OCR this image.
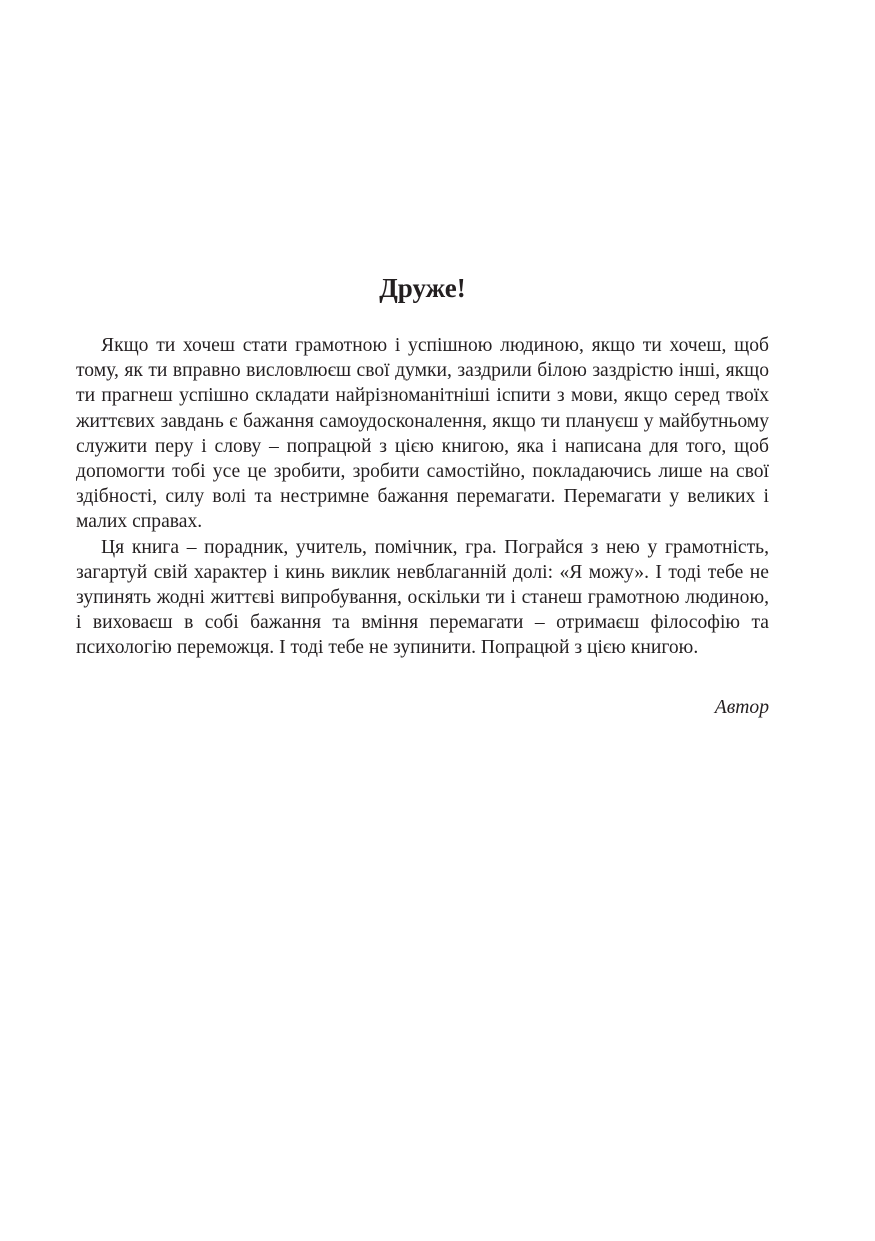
Друже!

Якщо ти хочеш стати грамотною і успішною людиною, якщо ти хочеш, щоб тому, як ти вправно висловлюєш свої думки, заздрили білою заздрістю інші, якщо ти прагнеш успішно складати найрізноманітніші іспити з мови, якщо серед твоїх життєвих завдань є бажання самоудосконалення, якщо ти плануєш у майбутньому служити перу і слову – попрацюй з цією книгою, яка і написана для того, щоб допомогти тобі усе це зробити, зробити самостійно, покладаючись лише на свої здібності, силу волі та нестримне бажання перемагати. Перемагати у великих і малих справах.

Ця книга – порадник, учитель, помічник, гра. Пограйся з нею у грамотність, загартуй свій характер і кинь виклик невблаганній долі: «Я можу». І тоді тебе не зупинять жодні життєві випробування, оскільки ти і станеш грамотною людиною, і виховаєш в собі бажання та вміння перемагати – отримаєш філософію та психологію переможця. І тоді тебе не зупинити. Попрацюй з цією книгою.

Автор
